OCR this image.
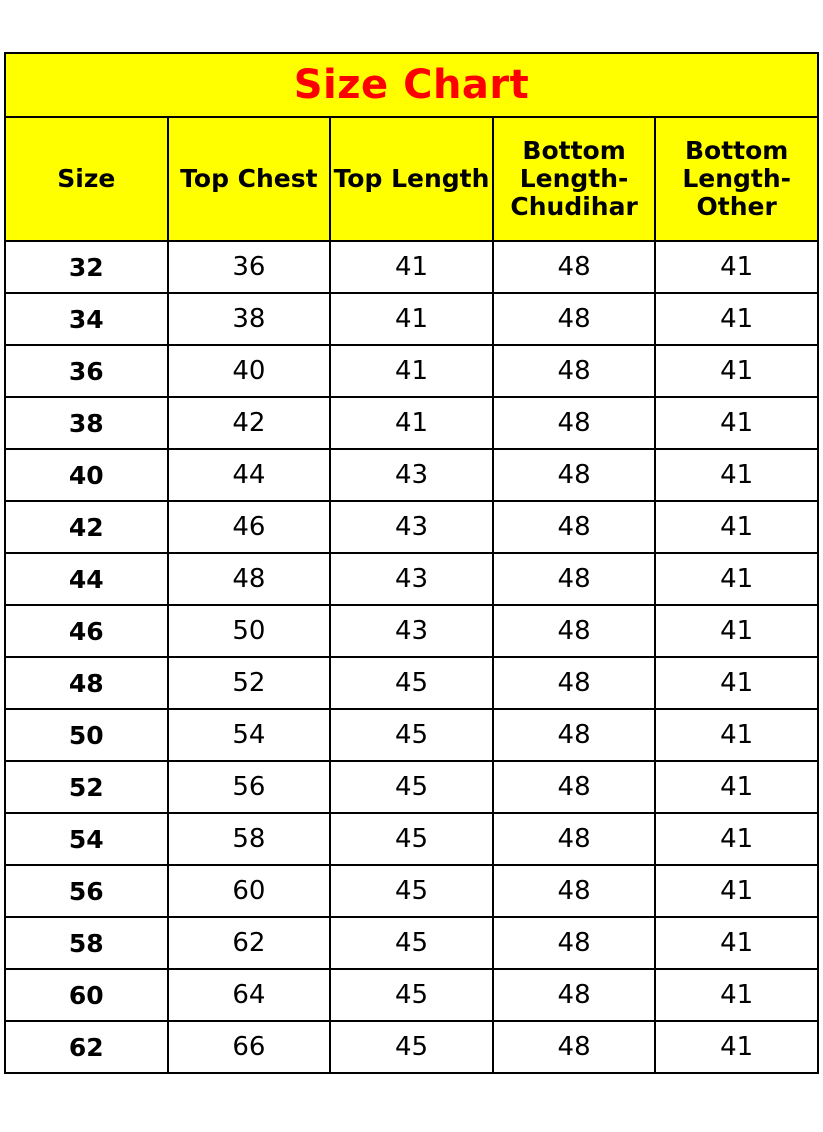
Size Chart				
Size	Top Chest	Top Length	Bottom Length-Chudihar	Bottom Length-Other
32	36	41	48	41
34	38	41	48	41
36	40	41	48	41
38	42	41	48	41
40	44	43	48	41
42	46	43	48	41
44	48	43	48	41
46	50	43	48	41
48	52	45	48	41
50	54	45	48	41
52	56	45	48	41
54	58	45	48	41
56	60	45	48	41
58	62	45	48	41
60	64	45	48	41
62	66	45	48	41
